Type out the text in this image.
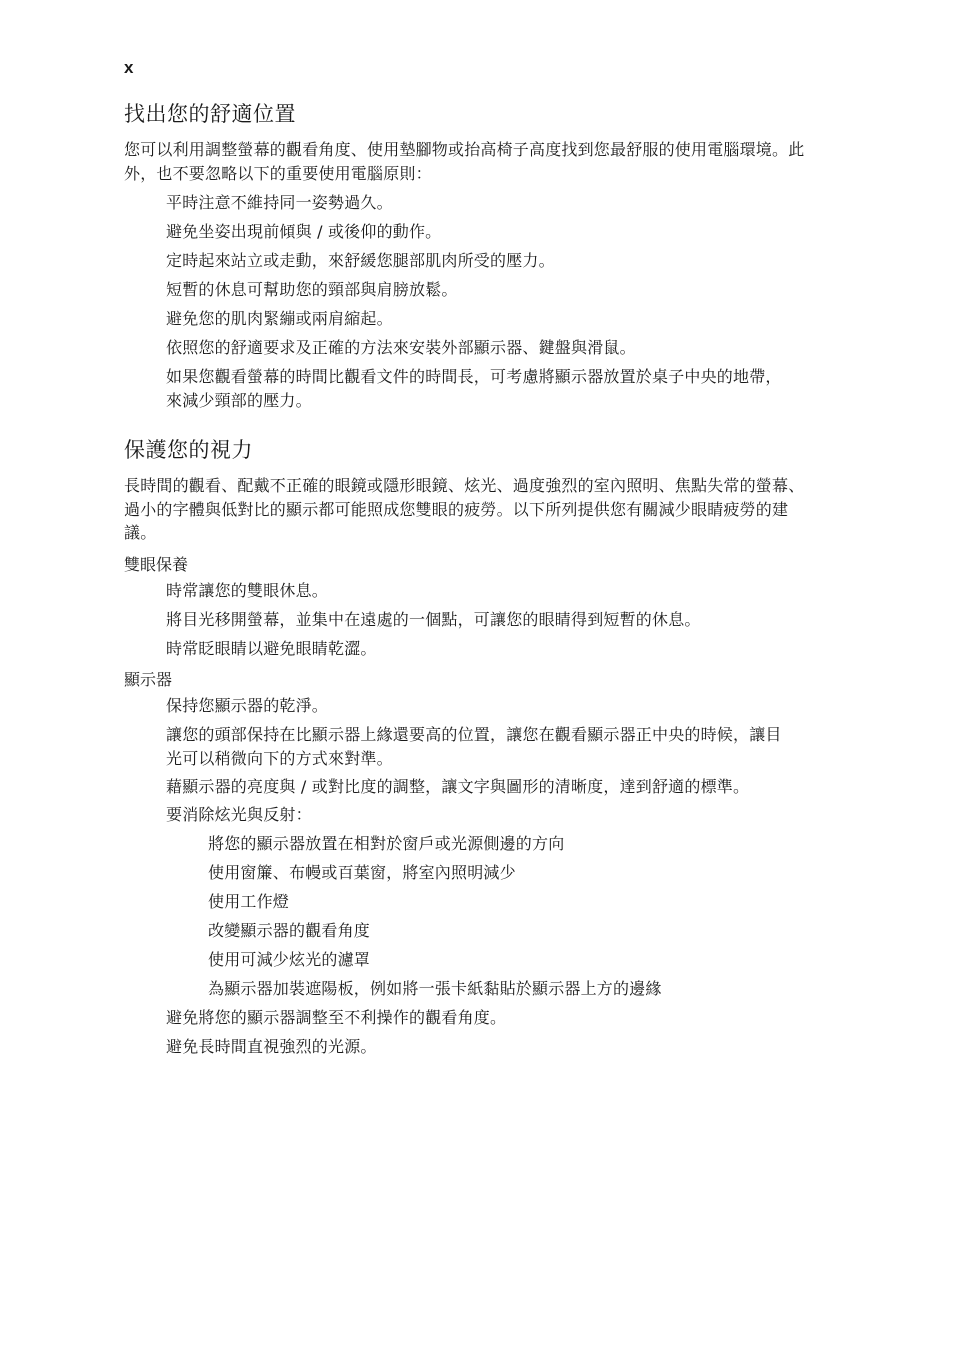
x
找出您的舒適位置

您可以利用調整螢幕的觀看角度、使用墊腳物或抬高椅子高度找到您最舒服的使用電腦環境。此外，也不要忽略以下的重要使用電腦原則：

平時注意不維持同一姿勢過久。

避免坐姿出現前傾與 / 或後仰的動作。

定時起來站立或走動，來舒緩您腿部肌肉所受的壓力。

短暫的休息可幫助您的頸部與肩膀放鬆。

避免您的肌肉緊繃或兩肩縮起。

依照您的舒適要求及正確的方法來安裝外部顯示器、鍵盤與滑鼠。

如果您觀看螢幕的時間比觀看文件的時間長，可考慮將顯示器放置於桌子中央的地帶，來減少頸部的壓力。

保護您的視力

長時間的觀看、配戴不正確的眼鏡或隱形眼鏡、炫光、過度強烈的室內照明、焦點失常的螢幕、過小的字體與低對比的顯示都可能照成您雙眼的疲勞。以下所列提供您有關減少眼睛疲勞的建議。

雙眼保養

時常讓您的雙眼休息。

將目光移開螢幕，並集中在遠處的一個點，可讓您的眼睛得到短暫的休息。

時常眨眼睛以避免眼睛乾澀。

顯示器

保持您顯示器的乾淨。

讓您的頭部保持在比顯示器上緣還要高的位置，讓您在觀看顯示器正中央的時候，讓目光可以稍微向下的方式來對準。

藉顯示器的亮度與 / 或對比度的調整，讓文字與圖形的清晰度，達到舒適的標準。

要消除炫光與反射：

將您的顯示器放置在相對於窗戶或光源側邊的方向

使用窗簾、布幔或百葉窗，將室內照明減少

使用工作燈

改變顯示器的觀看角度

使用可減少炫光的濾罩

為顯示器加裝遮陽板，例如將一張卡紙黏貼於顯示器上方的邊緣

避免將您的顯示器調整至不利操作的觀看角度。

避免長時間直視強烈的光源。
